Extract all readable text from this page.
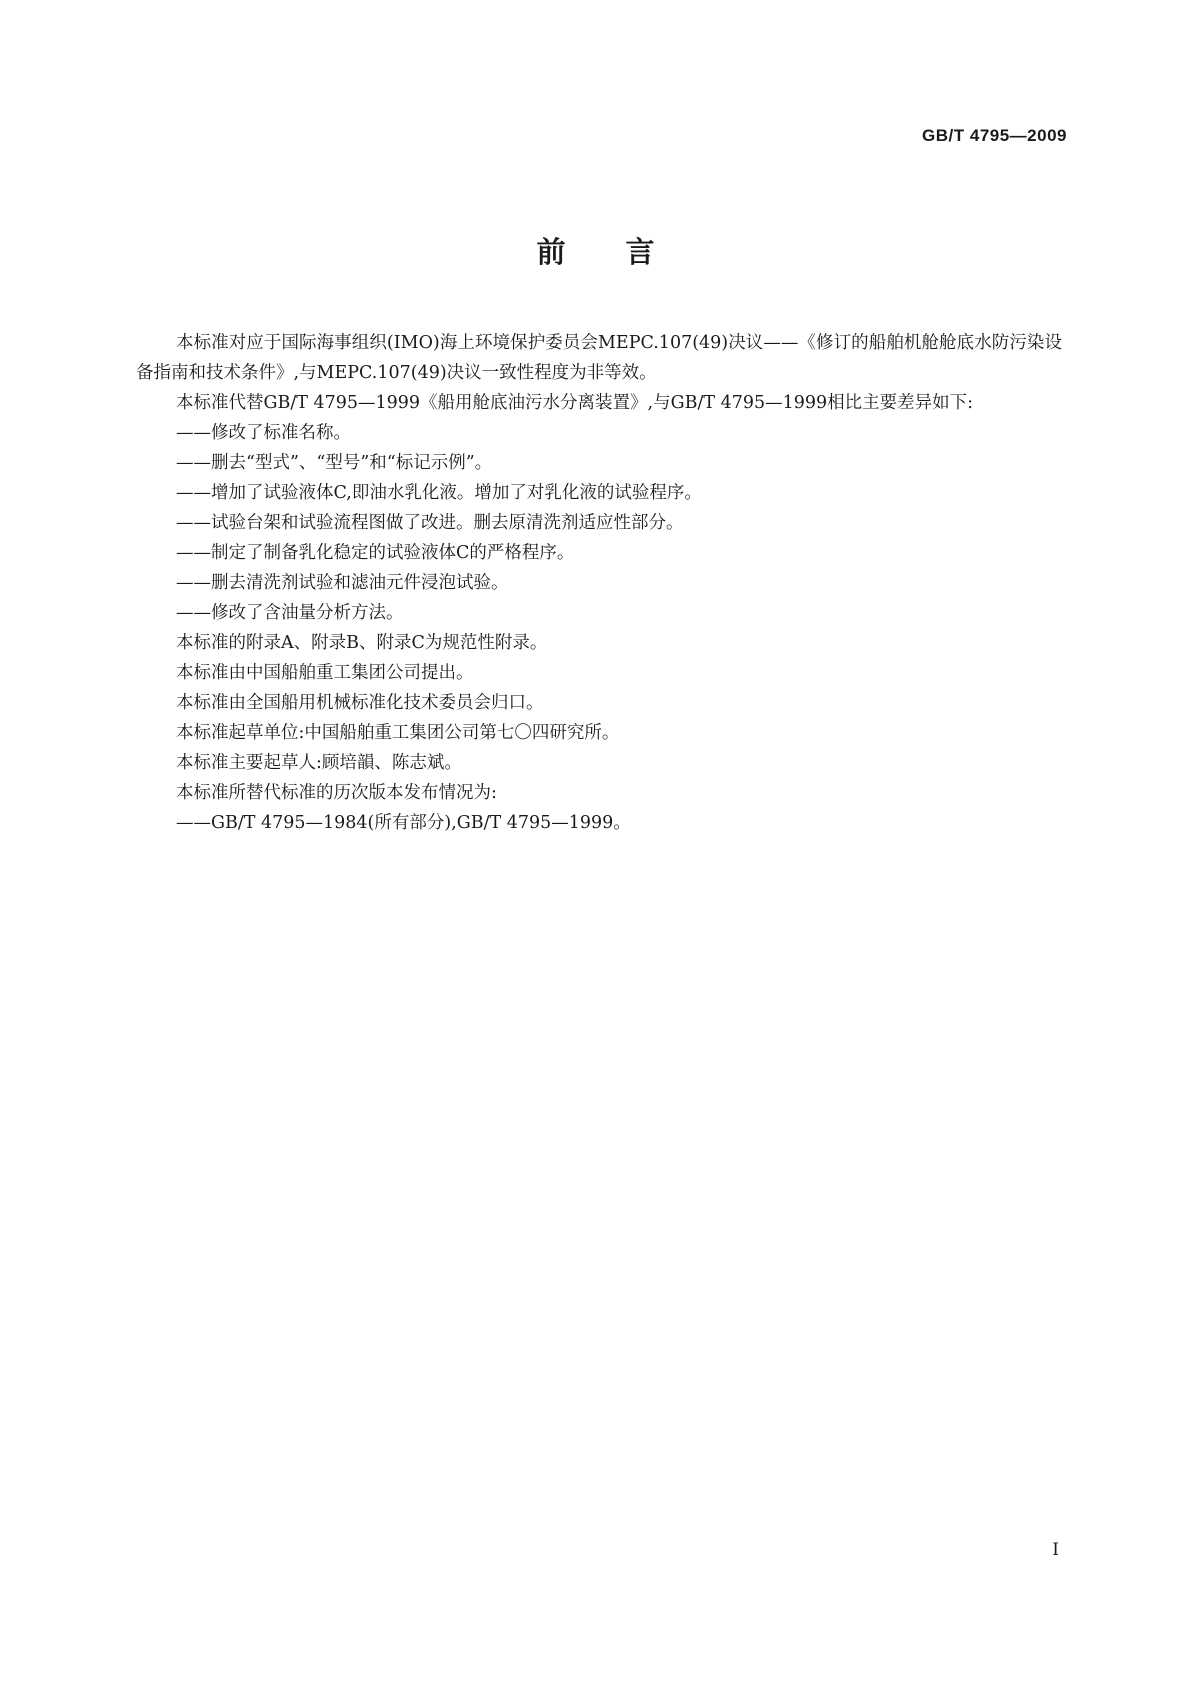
GB/T 4795—2009
前言

本标准对应于国际海事组织(IMO)海上环境保护委员会MEPC.107(49)决议——《修订的船舶机舱舱底水防污染设备指南和技术条件》,与MEPC.107(49)决议一致性程度为非等效。

本标准代替GB/T 4795—1999《船用舱底油污水分离装置》,与GB/T 4795—1999相比主要差异如下:

——修改了标准名称。

——删去“型式”、“型号”和“标记示例”。

——增加了试验液体C,即油水乳化液。增加了对乳化液的试验程序。

——试验台架和试验流程图做了改进。删去原清洗剂适应性部分。

——制定了制备乳化稳定的试验液体C的严格程序。

——删去清洗剂试验和滤油元件浸泡试验。

——修改了含油量分析方法。

本标准的附录A、附录B、附录C为规范性附录。

本标准由中国船舶重工集团公司提出。

本标准由全国船用机械标准化技术委员会归口。

本标准起草单位:中国船舶重工集团公司第七〇四研究所。

本标准主要起草人:顾培韻、陈志斌。

本标准所替代标准的历次版本发布情况为:

——GB/T 4795—1984(所有部分),GB/T 4795—1999。

I
